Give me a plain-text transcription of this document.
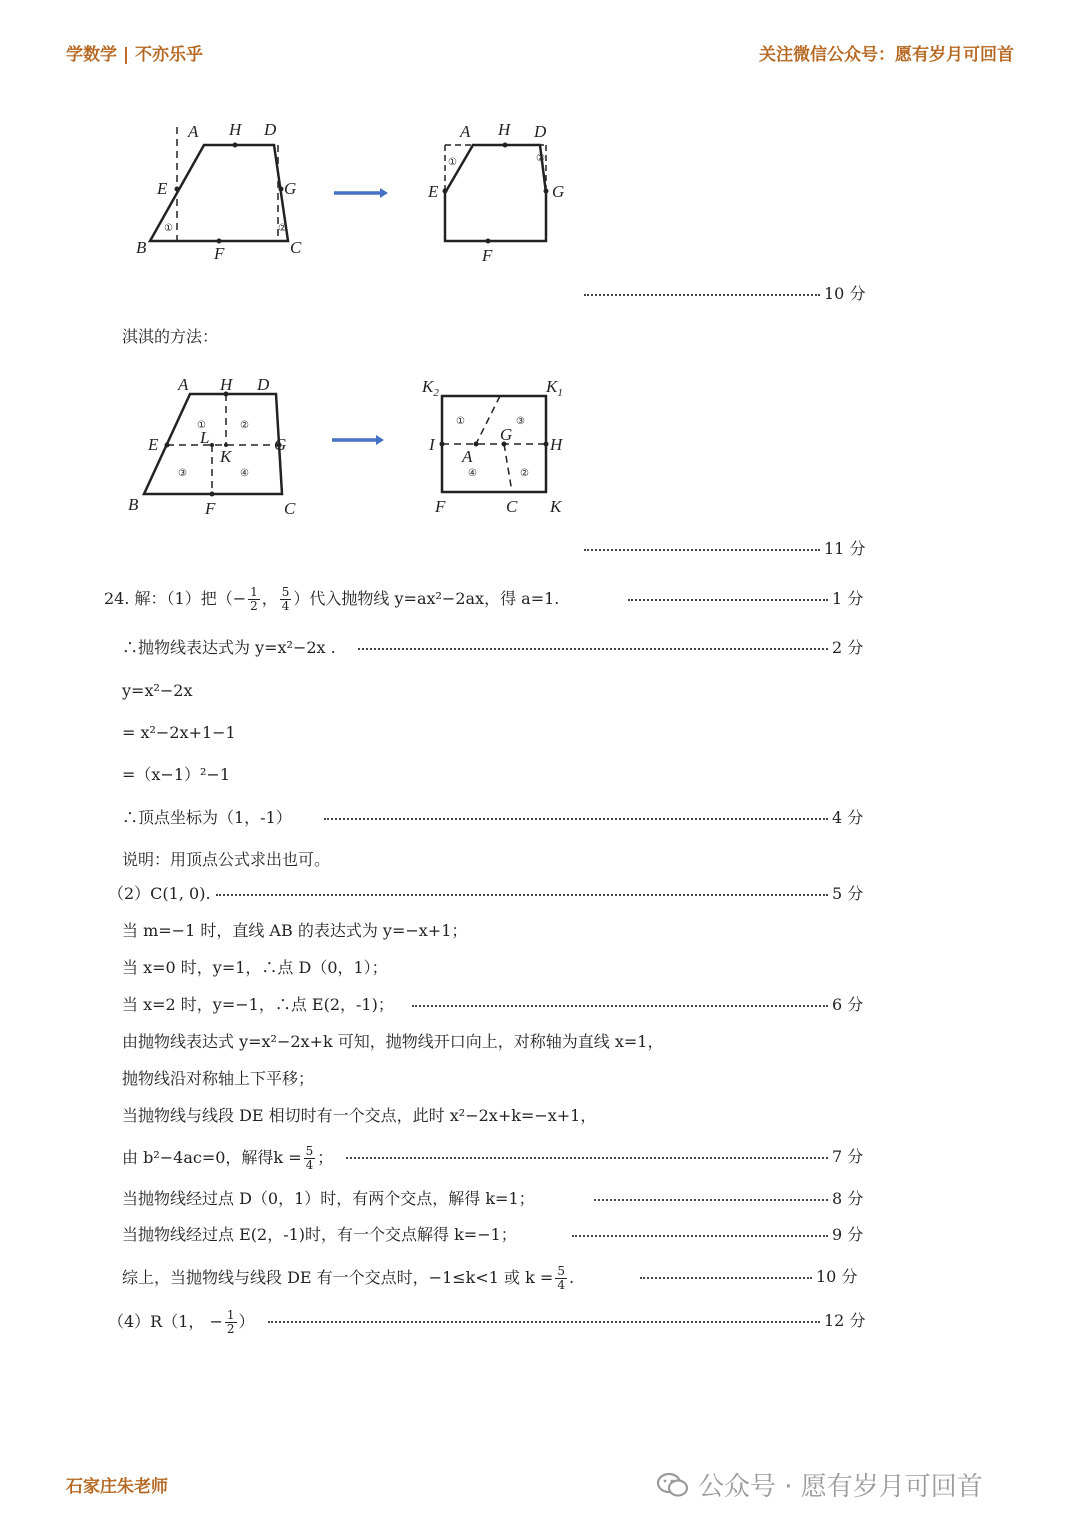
学数学 | 不亦乐乎	关注微信公众号：愿有岁月可回首
A H D
E	G
B	F	C
①	②
A H D
E	G
F
①	②
10 分
淇淇的方法：
A H D
E	G
B	F	C
L
K
①	②
③	④
$K_2$	$K_1$
I	H
G
A
F	C K
①	③
④	②
11 分
24. 解：（1）把（− $\frac{1}{2}$ ， $\frac{5}{4}$ ）代入抛物线 y=ax²−2ax，得 a=1.	1 分
∴抛物线表达式为 y=x²−2x .	2 分
y=x²−2x
= x²−2x+1−1
=（x−1）²−1
∴顶点坐标为（1，-1）	4 分
说明：用顶点公式求出也可。
（2）C(1, 0).	5 分
当 m=−1 时，直线 AB 的表达式为 y=−x+1；
当 x=0 时，y=1，∴点 D（0，1）；
当 x=2 时，y=−1，∴点 E(2，-1)；	6 分
由抛物线表达式 y=x²−2x+k 可知，抛物线开口向上，对称轴为直线 x=1，
抛物线沿对称轴上下平移；
当抛物线与线段 DE 相切时有一个交点，此时 x²−2x+k=−x+1，
由 b²−4ac=0，解得$k = \frac{5}{4}$ ；	7 分
当抛物线经过点 D（0，1）时，有两个交点，解得 k=1；	8 分
当抛物线经过点 E(2，-1)时，有一个交点解得 k=−1；	9 分
综上，当抛物线与线段 DE 有一个交点时，−1≤k<1 或 $k = \frac{5}{4}$ .	10 分
（4）R（1， − $\frac{1}{2}$ ）	12 分
石家庄朱老师	公众号 · 愿有岁月可回首
